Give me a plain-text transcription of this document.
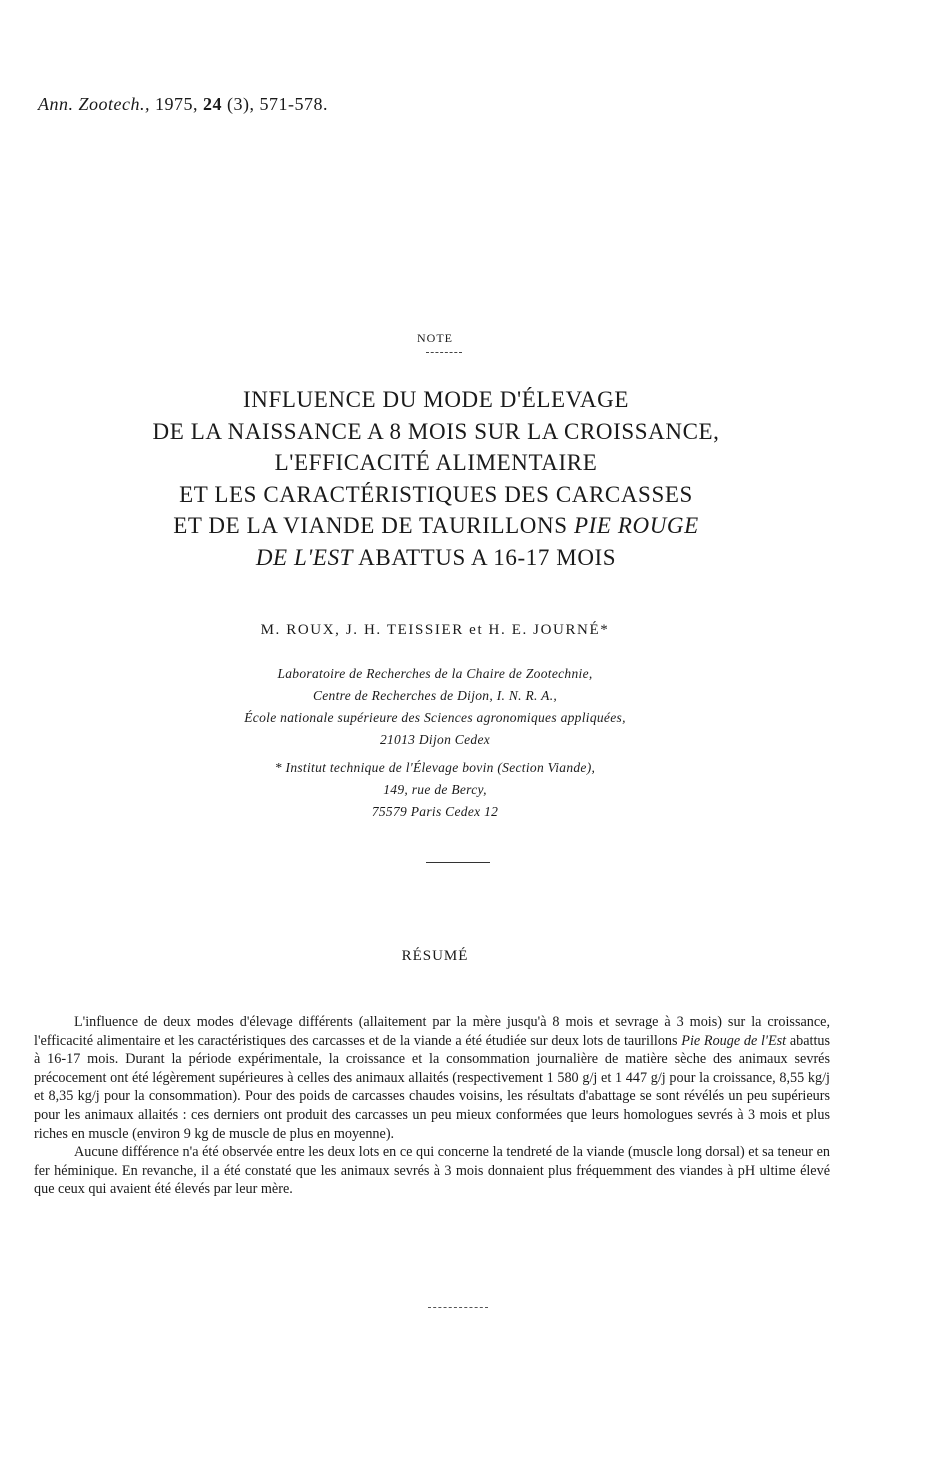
Ann. Zootech., 1975, 24 (3), 571-578.
NOTE
INFLUENCE DU MODE D'ÉLEVAGE
DE LA NAISSANCE A 8 MOIS SUR LA CROISSANCE,
L'EFFICACITÉ ALIMENTAIRE
ET LES CARACTÉRISTIQUES DES CARCASSES
ET DE LA VIANDE DE TAURILLONS PIE ROUGE
DE L'EST ABATTUS A 16-17 MOIS
M. ROUX, J. H. TEISSIER et H. E. JOURNÉ*
Laboratoire de Recherches de la Chaire de Zootechnie,
Centre de Recherches de Dijon, I. N. R. A.,
École nationale supérieure des Sciences agronomiques appliquées,
21013 Dijon Cedex
* Institut technique de l'Élevage bovin (Section Viande),
149, rue de Bercy,
75579 Paris Cedex 12
RÉSUMÉ

L'influence de deux modes d'élevage différents (allaitement par la mère jusqu'à 8 mois et sevrage à 3 mois) sur la croissance, l'efficacité alimentaire et les caractéristiques des carcasses et de la viande a été étudiée sur deux lots de taurillons Pie Rouge de l'Est abattus à 16-17 mois. Durant la période expérimentale, la croissance et la consommation journalière de matière sèche des animaux sevrés précocement ont été légèrement supérieures à celles des animaux allaités (respectivement 1 580 g/j et 1 447 g/j pour la croissance, 8,55 kg/j et 8,35 kg/j pour la consommation). Pour des poids de carcasses chaudes voisins, les résultats d'abattage se sont révélés un peu supérieurs pour les animaux allaités : ces derniers ont produit des carcasses un peu mieux conformées que leurs homologues sevrés à 3 mois et plus riches en muscle (environ 9 kg de muscle de plus en moyenne).

Aucune différence n'a été observée entre les deux lots en ce qui concerne la tendreté de la viande (muscle long dorsal) et sa teneur en fer héminique. En revanche, il a été constaté que les animaux sevrés à 3 mois donnaient plus fréquemment des viandes à pH ultime élevé que ceux qui avaient été élevés par leur mère.
